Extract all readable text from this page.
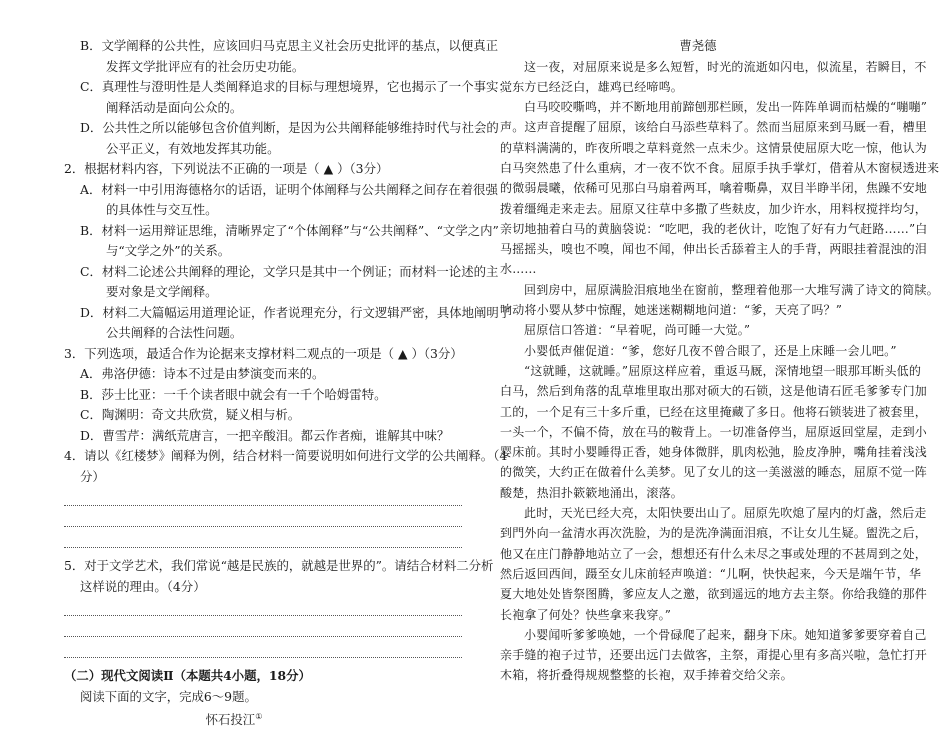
B．文学阐释的公共性，应该回归马克思主义社会历史批评的基点，以便真正
发挥文学批评应有的社会历史功能。
C．真理性与澄明性是人类阐释追求的目标与理想境界，它也揭示了一个事实：
阐释活动是面向公众的。
D．公共性之所以能够包含价值判断，是因为公共阐释能够维持时代与社会的
公平正义，有效地发挥其功能。
2．根据材料内容，下列说法不正确的一项是（ ▲ ）（3分）
A．材料一中引用海德格尔的话语，证明个体阐释与公共阐释之间存在着很强
的具体性与交互性。
B．材料一运用辩证思维，清晰界定了“个体阐释”与“公共阐释”、“文学之内”
与“文学之外”的关系。
C．材料二论述公共阐释的理论，文学只是其中一个例证；而材料一论述的主
要对象是文学阐释。
D．材料二大篇幅运用道理论证，作者说理充分，行文逻辑严密，具体地阐明了
公共阐释的合法性问题。
3．下列选项，最适合作为论据来支撑材料二观点的一项是（ ▲ ）（3分）
A．弗洛伊德：诗本不过是由梦演变而来的。
B．莎士比亚：一千个读者眼中就会有一千个哈姆雷特。
C．陶渊明：奇文共欣赏，疑义相与析。
D．曹雪芹：满纸荒唐言，一把辛酸泪。都云作者痴，谁解其中味？
4．请以《红楼梦》阐释为例，结合材料一简要说明如何进行文学的公共阐释。（4
分）
5．对于文学艺术，我们常说“越是民族的，就越是世界的”。请结合材料二分析
这样说的理由。（4分）
（二）现代文阅读Ⅱ（本题共4小题，18分）
阅读下面的文字，完成6～9题。
怀石投江①
曹尧德
这一夜，对屈原来说是多么短暂，时光的流逝如闪电，似流星，若瞬目，不
觉东方已经泛白，雄鸡已经啼鸣。
白马咬咬嘶鸣，并不断地用前蹄刨那栏顾，发出一阵阵单调而枯燥的“嘣嘣”
声。这声音提醒了屈原，该给白马添些草料了。然而当屈原来到马厩一看，槽里
的草料满满的，昨夜所喂之草料竟然一点未少。这情景使屈原大吃一惊，他认为
白马突然患了什么重病，才一夜不饮不食。屈原手执手掌灯，借着从木窗棂透进来
的微弱晨曦，依稀可见那白马扇着两耳，噙着嘶鼻，双目半睁半闭，焦躁不安地
拨着缰绳走来走去。屈原又往草中多撒了些麸皮，加少许水，用料杈搅拌均匀，
亲切地抽着白马的黄脑袋说：“吃吧，我的老伙计，吃饱了好有力气赶路……”白
马摇摇头，嗅也不嗅，闻也不闻，伸出长舌舔着主人的手背，两眼挂着混浊的泪
水……
回到房中，屈原满脸泪痕地坐在窗前，整理着他那一大堆写满了诗文的简牍。
响动将小婴从梦中惊醒，她迷迷糊糊地问道：“爹，天亮了吗？”
屈原信口答道：“早着呢，尚可睡一大觉。”
小婴低声催促道：“爹，您好几夜不曾合眼了，还是上床睡一会儿吧。”
“这就睡，这就睡。”屈原这样应着，重返马厩，深情地望一眼那耳断头低的
白马，然后到角落的乱草堆里取出那对硕大的石锁，这是他请石匠毛爹爹专门加
工的，一个足有三十多斤重，已经在这里掩藏了多日。他将石锁装进了被套里，
一头一个，不偏不倚，放在马的鞍背上。一切准备停当，屈原返回堂屋，走到小
婴床前。其时小婴睡得正香，她身体微胖，肌肉松弛，脸皮净肿，嘴角挂着浅浅
的微笑，大约正在做着什么美梦。见了女儿的这一美滋滋的睡态，屈原不觉一阵
酸楚，热泪扑簌簌地涌出，滚落。
此时，天光已经大亮，太阳快要出山了。屈原先吹熄了屋内的灯盏，然后走
到門外向一盆清水再次洗脸，为的是洗净满面泪痕，不让女儿生疑。盥洗之后，
他又在庄门静静地站立了一会，想想还有什么未尽之事或处理的不甚周到之处，
然后返回西间，蹑至女儿床前轻声唤道：“儿啊，快快起来，今天是端午节，华
夏大地处处皆祭图腾，爹应友人之邀，欲到遥远的地方去主祭。你给我缝的那件
长袍拿了何处？快些拿来我穿。”
小婴闻听爹爹唤她，一个骨碌爬了起来，翻身下床。她知道爹爹要穿着自己
亲手缝的袍子过节，还要出远门去做客，主祭，甭提心里有多高兴啦，急忙打开
木箱，将折叠得规规整整的长袍，双手捧着交给父亲。
